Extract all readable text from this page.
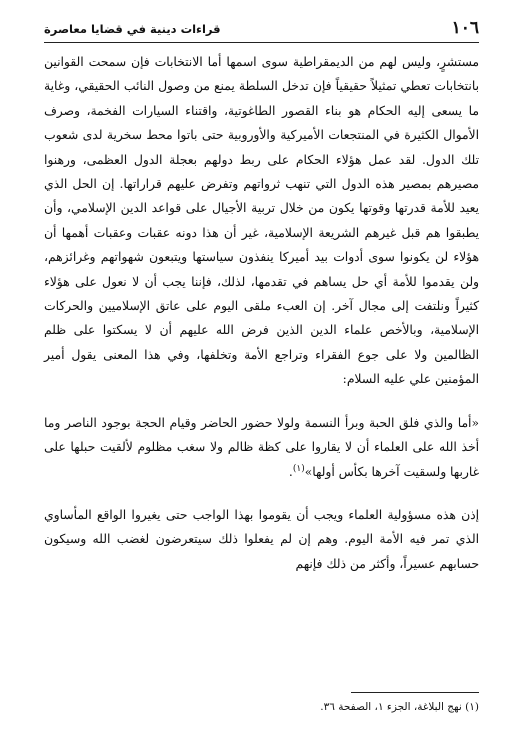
١٠٦
قراءات دينية في قضايا معاصرة

مستشرٍ، وليس لهم من الديمقراطية سوى اسمها أما الانتخابات فإن سمحت القوانين بانتخابات تعطي تمثيلاً حقيقياً فإن تدخل السلطة يمنع من وصول النائب الحقيقي، وغاية ما يسعى إليه الحكام هو بناء القصور الطاغوتية، واقتناء السيارات الفخمة، وصرف الأموال الكثيرة في المنتجعات الأميركية والأوروبية حتى باتوا محط سخرية لدى شعوب تلك الدول. لقد عمل هؤلاء الحكام على ربط دولهم بعجلة الدول العظمى، ورهنوا مصيرهم بمصير هذه الدول التي تنهب ثرواتهم وتفرض عليهم قراراتها. إن الحل الذي يعيد للأمة قدرتها وقوتها يكون من خلال تربية الأجيال على قواعد الدين الإسلامي، وأن يطبقوا هم قبل غيرهم الشريعة الإسلامية، غير أن هذا دونه عقبات وعقبات أهمها أن هؤلاء لن يكونوا سوى أدوات بيد أميركا ينفذون سياستها ويتبعون شهواتهم وغرائزهم، ولن يقدموا للأمة أي حل يساهم في تقدمها، لذلك، فإننا يجب أن لا نعول على هؤلاء كثيراً ونلتفت إلى مجال آخر. إن العبء ملقى اليوم على عاتق الإسلاميين والحركات الإسلامية، وبالأخص علماء الدين الذين فرض الله عليهم أن لا يسكتوا على ظلم الظالمين ولا على جوع الفقراء وتراجع الأمة وتخلفها، وفي هذا المعنى يقول أمير المؤمنين علي عليه السلام:

«أما والذي فلق الحبة وبرأ النسمة ولولا حضور الحاضر وقيام الحجة بوجود الناصر وما أخذ الله على العلماء أن لا يقاروا على كظة ظالم ولا سغب مظلوم لألقيت حبلها على غاربها ولسقيت آخرها بكأس أولها»$^{(١)}$.

إذن هذه مسؤولية العلماء ويجب أن يقوموا بهذا الواجب حتى يغيروا الواقع المأساوي الذي تمر فيه الأمة اليوم. وهم إن لم يفعلوا ذلك سيتعرضون لغضب الله وسيكون حسابهم عسيراً، وأكثر من ذلك فإنهم

(١) نهج البلاغة، الجزء ١، الصفحة ٣٦.
